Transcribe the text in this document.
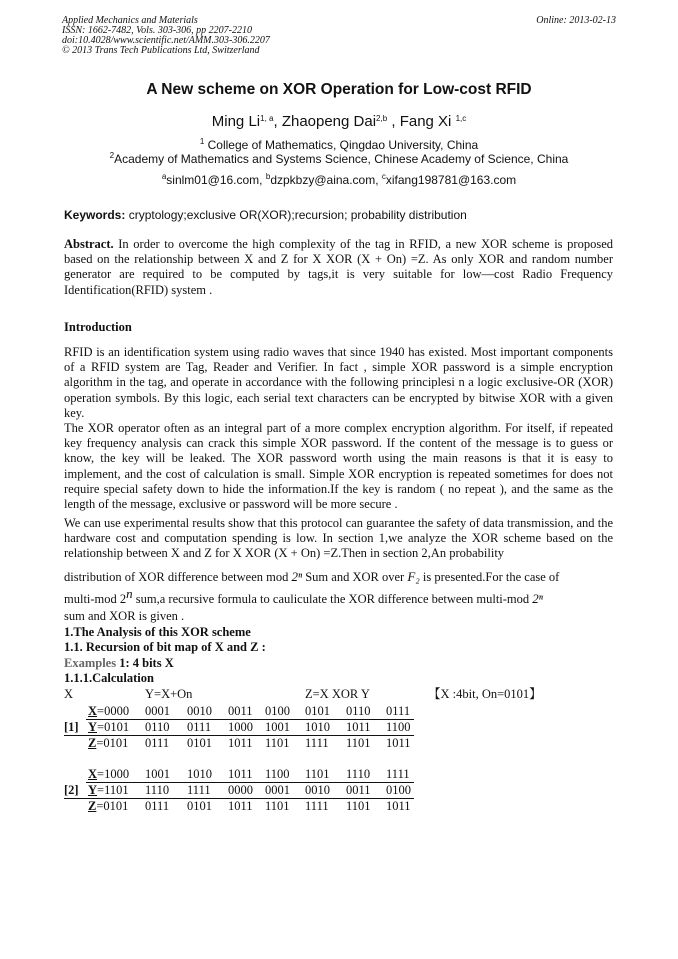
Applied Mechanics and Materials
ISSN: 1662-7482, Vols. 303-306, pp 2207-2210
doi:10.4028/www.scientific.net/AMM.303-306.2207
© 2013 Trans Tech Publications Ltd, Switzerland
Online: 2013-02-13
A New scheme on XOR Operation for Low-cost RFID
Ming Li$^{1, a}$, Zhaopeng Dai$^{2,b}$ , Fang Xi $^{1,c}$
$^1$ College of Mathematics, Qingdao University, China
$^2$Academy of Mathematics and Systems Science, Chinese Academy of Science, China
$^a$sinlm01@16.com, $^b$dzpkbzy@aina.com, $^c$xifang198781@163.com
Keywords: cryptology;exclusive OR(XOR);recursion; probability distribution
Abstract. In order to overcome the high complexity of the tag in RFID, a new XOR scheme is proposed based on the relationship between X and Z for X XOR (X + On) =Z. As only XOR and random number generator are required to be computed by tags,it is very suitable for low—cost Radio Frequency Identification(RFID) system .
Introduction
RFID is an identification system using radio waves that since 1940 has existed. Most important components of a RFID system are Tag, Reader and Verifier. In fact , simple XOR password is a simple encryption algorithm in the tag, and operate in accordance with the following principlesi n a logic exclusive-OR (XOR) operation symbols. By this logic, each serial text characters can be encrypted by bitwise XOR with a given key.
The XOR operator often as an integral part of a more complex encryption algorithm. For itself, if repeated key frequency analysis can crack this simple XOR password. If the content of the message is to guess or know, the key will be leaked. The XOR password worth using the main reasons is that it is easy to implement, and the cost of calculation is small. Simple XOR encryption is repeated sometimes for does not require special safety down to hide the information.If the key is random ( no repeat ), and the same as the length of the message, exclusive or password will be more secure .
We can use experimental results show that this protocol can guarantee the safety of data transmission, and the hardware cost and computation spending is low. In section 1,we analyze the XOR scheme based on the relationship between X and Z for X XOR (X + On) =Z.Then in section 2,An probability
distribution of XOR difference between mod 2ⁿ Sum and XOR over F₂ is presented.For the case of
multi-mod 2$^n$ sum,a recursive formula to cauliculate the XOR difference between multi-mod 2ⁿ
sum and XOR is given .
1.The Analysis of this XOR scheme
1.1. Recursion of bit map of X and Z :
Examples 1: 4 bits X
1.1.1.Calculation
X	Y=X+On	Z=X XOR Y	【X :4bit, On=0101】
[1]
X=0000 0001 0010 0011 0100 0101 0110 0111
Y=0101 0110 0111 1000 1001 1010 1011 1100
Z=0101 0111 0101 1011 1101 1111 1101 1011
[2]
X=1000 1001 1010 1011 1100 1101 1110 1111
Y=1101 1110 1111 0000 0001 0010 0011 0100
Z=0101 0111 0101 1011 1101 1111 1101 1011
